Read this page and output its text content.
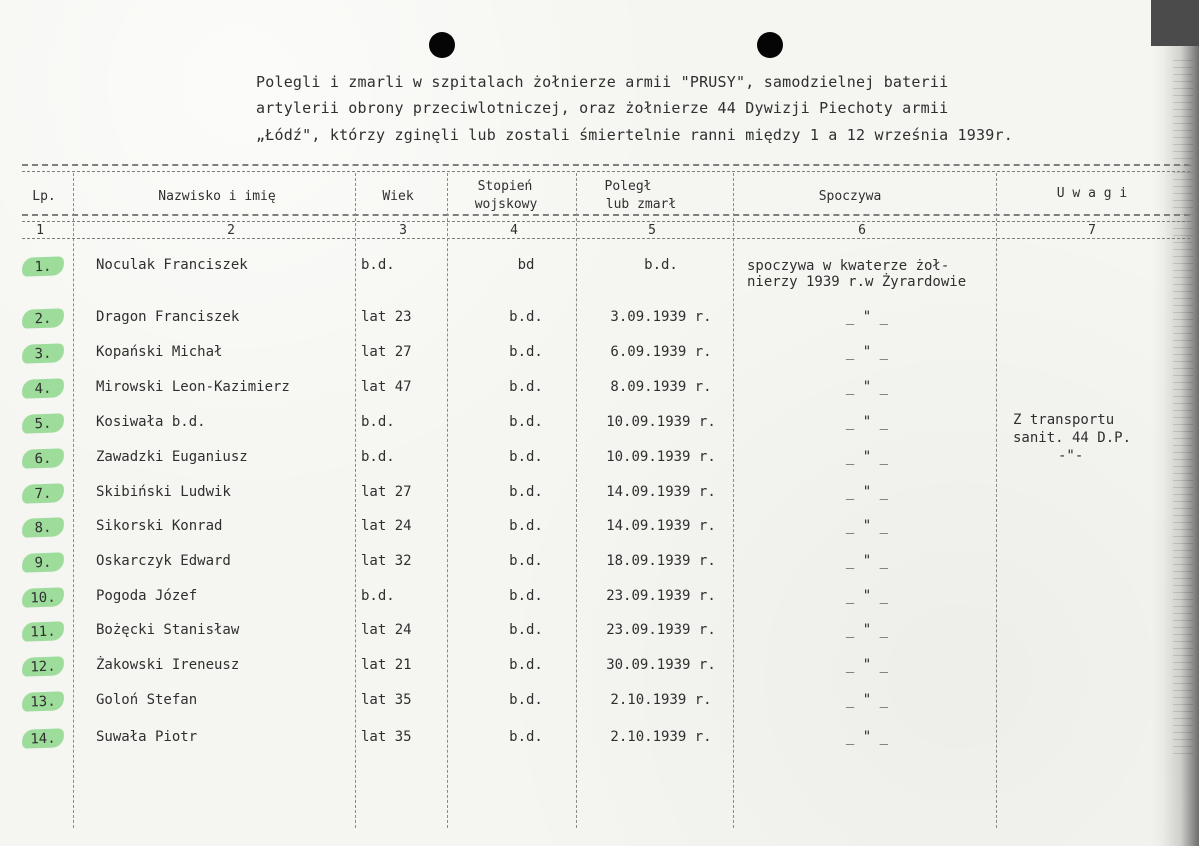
Polegli i zmarli w szpitalach żołnierze armii "PRUSY", samodzielnej baterii
artylerii obrony przeciwlotniczej, oraz żołnierze 44 Dywizji Piechoty armii
„Łódź", którzy zginęli lub zostali śmiertelnie ranni między 1 a 12 września 1939r.
Lp.	Nazwisko i imię	Wiek
Stopień
wojskowy
Poległ
lub zmarł
Spoczywa	U w a g i
1	2	3	4	5	6	7
1.	Noculak Franciszek	b.d.	bd	b.d.	spoczywa w kwaterze żoł-
nierzy 1939 r.w Żyrardowie
2.	Dragon Franciszek	lat 23	b.d.	3.09.1939 r.	_ " _
3.	Kopański Michał	lat 27	b.d.	6.09.1939 r.	_ " _
4.	Mirowski Leon-Kazimierz	lat 47	b.d.	8.09.1939 r.	_ " _
5.	Kosiwała b.d.	b.d.	b.d.	10.09.1939 r.	_ " _
6.	Zawadzki Euganiusz	b.d.	b.d.	10.09.1939 r.	_ " _
7.	Skibiński Ludwik	lat 27	b.d.	14.09.1939 r.	_ " _
8.	Sikorski Konrad	lat 24	b.d.	14.09.1939 r.	_ " _
9.	Oskarczyk Edward	lat 32	b.d.	18.09.1939 r.	_ " _
10.	Pogoda Józef	b.d.	b.d.	23.09.1939 r.	_ " _
11.	Bożęcki Stanisław	lat 24	b.d.	23.09.1939 r.	_ " _
12.	Żakowski Ireneusz	lat 21	b.d.	30.09.1939 r.	_ " _
13.	Goloń Stefan	lat 35	b.d.	2.10.1939 r.	_ " _
14.	Suwała Piotr	lat 35	b.d.	2.10.1939 r.	_ " _
Z transportu
sanit. 44 D.P.
-"-
